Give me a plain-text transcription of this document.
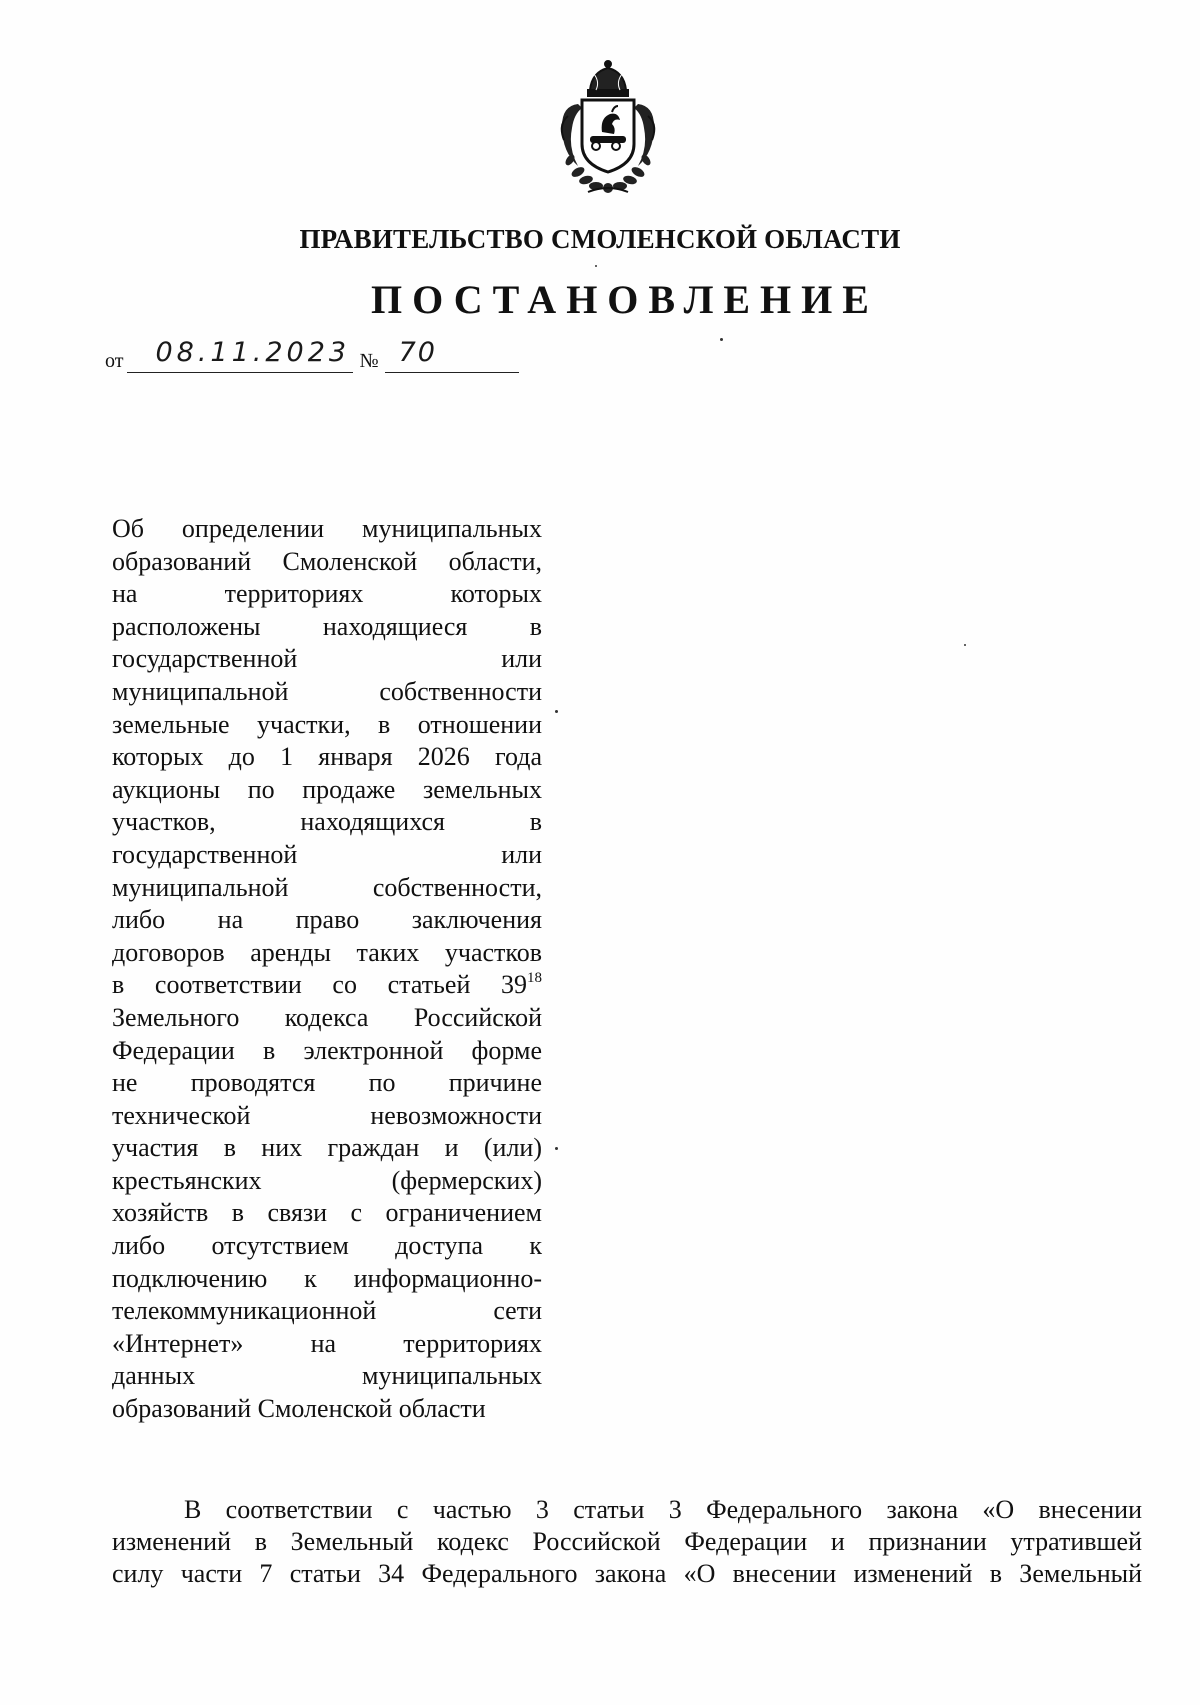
ПРАВИТЕЛЬСТВО СМОЛЕНСКОЙ ОБЛАСТИ
ПОСТАНОВЛЕНИЕ
от 08.11.2023 № 70
Об определении муниципальных
образований Смоленской области,
на территориях которых
расположены находящиеся в
государственной или
муниципальной собственности
земельные участки, в отношении
которых до 1 января 2026 года
аукционы по продаже земельных
участков, находящихся в
государственной или
муниципальной собственности,
либо на право заключения
договоров аренды таких участков
в соответствии со статьей $39^{18}$
Земельного кодекса Российской
Федерации в электронной форме
не проводятся по причине
технической невозможности
участия в них граждан и (или)
крестьянских (фермерских)
хозяйств в связи с ограничением
либо отсутствием доступа к
подключению к информационно-
телекоммуникационной сети
«Интернет» на территориях
данных муниципальных
образований Смоленской области
В соответствии с частью 3 статьи 3 Федерального закона «О внесении
изменений в Земельный кодекс Российской Федерации и признании утратившей
силу части 7 статьи 34 Федерального закона «О внесении изменений в Земельный
